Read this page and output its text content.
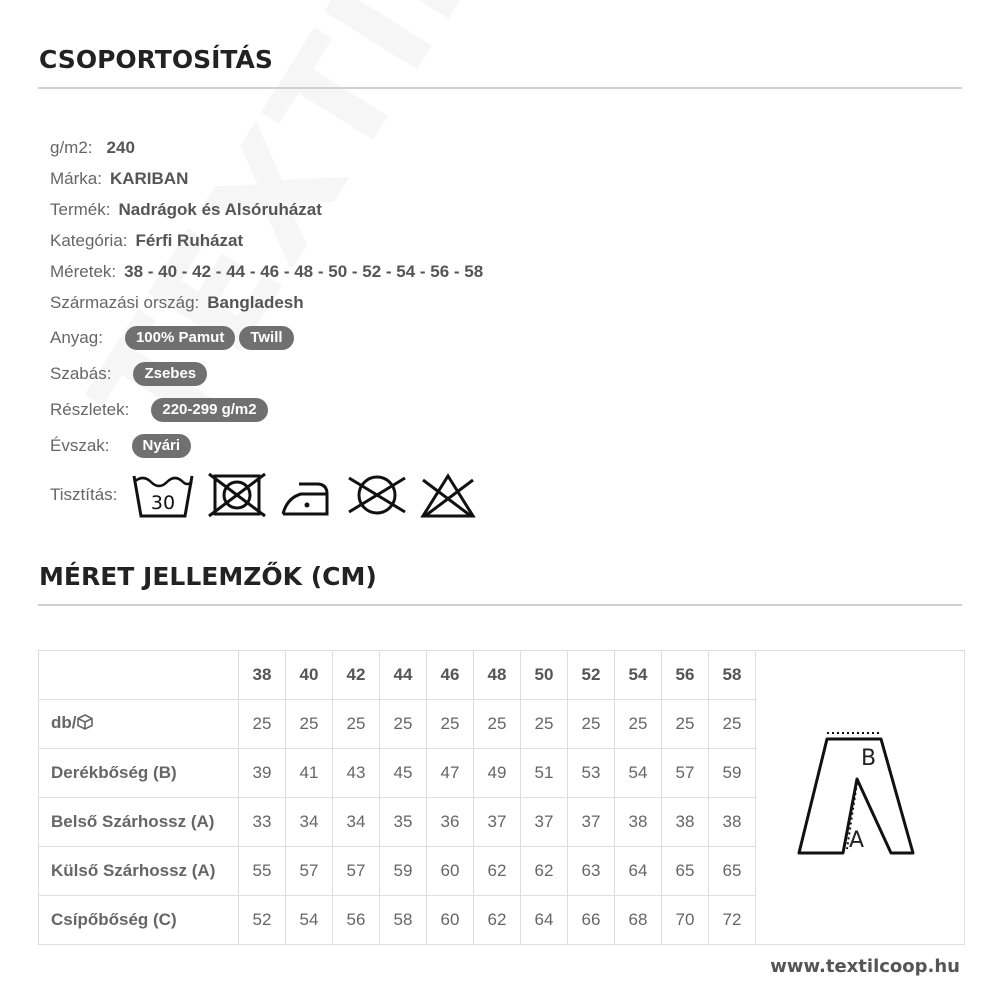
CSOPORTOSÍTÁS
g/m2: 240
Márka: KARIBAN
Termék: Nadrágok és Alsóruházat
Kategória: Férfi Ruházat
Méretek: 38 - 40 - 42 - 44 - 46 - 48 - 50 - 52 - 54 - 56 - 58
Származási ország: Bangladesh
Anyag:	100% Pamut	Twill
Szabás:	Zsebes
Részletek:	220-299 g/m2
Évszak:	Nyári
Tisztítás: 30
MÉRET JELLEMZŐK (CM)
	38	40	42	44	46	48	50	52	54	56	58	B
A

db/	25	25	25	25	25	25	25	25	25	25	25	
Derékbőség (B)	39	41	43	45	47	49	51	53	54	57	59	
Belső Szárhossz (A)	33	34	34	35	36	37	37	37	38	38	38	
Külső Szárhossz (A)	55	57	57	59	60	62	62	63	64	65	65	
Csípőbőség (C)	52	54	56	58	60	62	64	66	68	70	72	
www.textilcoop.hu
